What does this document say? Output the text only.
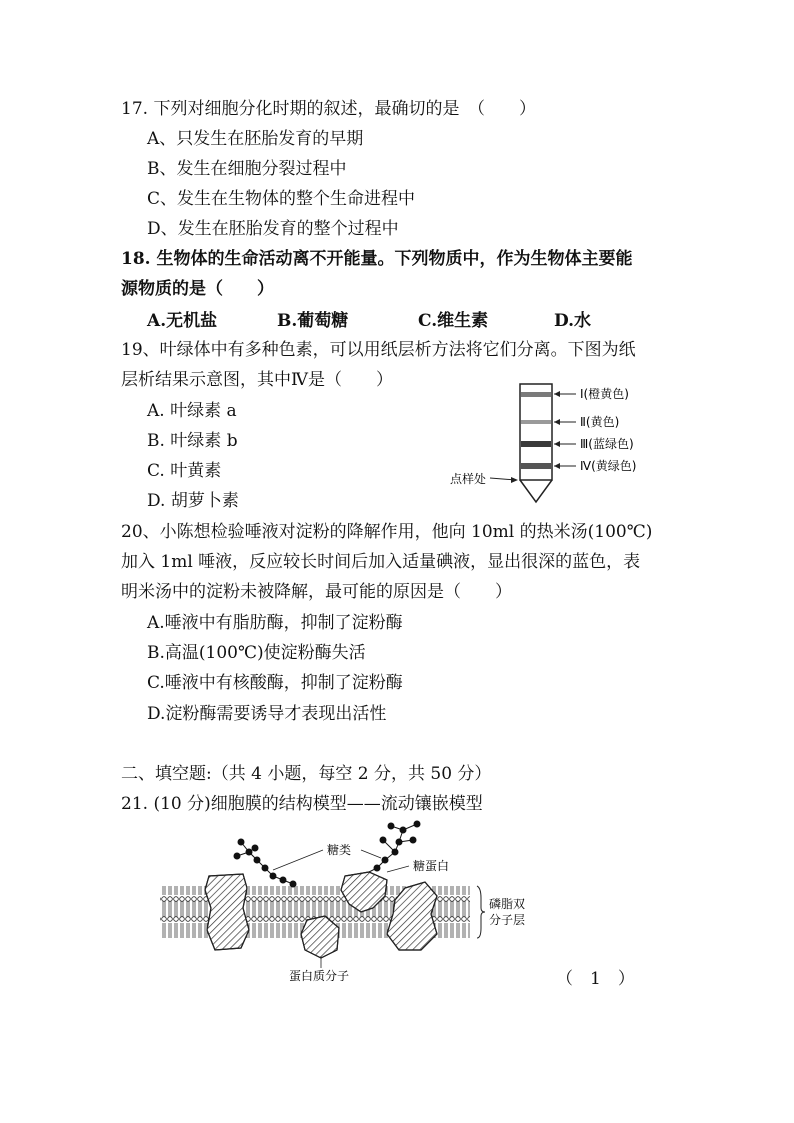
17. 下列对细胞分化时期的叙述，最确切的是　（　　）
A、只发生在胚胎发育的早期
B、发生在细胞分裂过程中
C、发生在生物体的整个生命进程中
D、发生在胚胎发育的整个过程中
18. 生物体的生命活动离不开能量。下列物质中，作为生物体主要能
源物质的是（　　）
A.无机盐	B.葡萄糖	C.维生素	D.水
19、叶绿体中有多种色素，可以用纸层析方法将它们分离。下图为纸
层析结果示意图，其中Ⅳ是（　　）
A. 叶绿素 a
B. 叶绿素 b
C. 叶黄素
D. 胡萝卜素
Ⅰ(橙黄色)
Ⅱ(黄色)
Ⅲ(蓝绿色)
Ⅳ(黄绿色)
点样处
20、小陈想检验唾液对淀粉的降解作用，他向 10ml 的热米汤(100℃)
加入 1ml 唾液，反应较长时间后加入适量碘液，显出很深的蓝色，表
明米汤中的淀粉未被降解，最可能的原因是（　　）
A.唾液中有脂肪酶，抑制了淀粉酶
B.高温(100℃)使淀粉酶失活
C.唾液中有核酸酶，抑制了淀粉酶
D.淀粉酶需要诱导才表现出活性
二、填空题:（共 4 小题，每空 2 分，共 50 分）
21. (10 分)细胞膜的结构模型——流动镶嵌模型
糖类
糖蛋白
磷脂双
分子层
蛋白质分子	（　1　）
